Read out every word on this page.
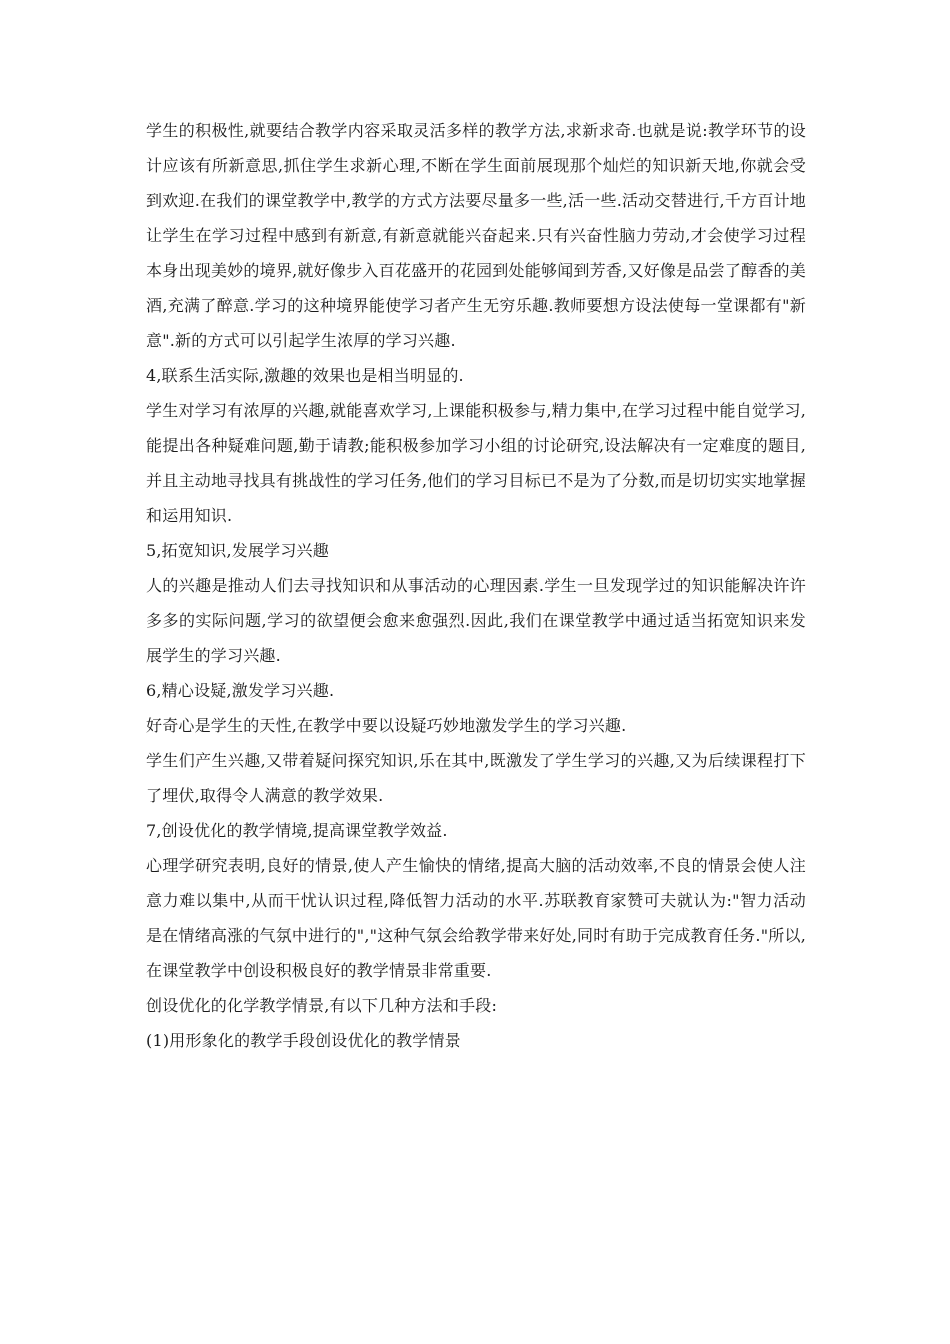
学生的积极性,就要结合教学内容采取灵活多样的教学方法,求新求奇.也就是说:教学环节的设计应该有所新意思,抓住学生求新心理,不断在学生面前展现那个灿烂的知识新天地,你就会受到欢迎.在我们的课堂教学中,教学的方式方法要尽量多一些,活一些.活动交替进行,千方百计地让学生在学习过程中感到有新意,有新意就能兴奋起来.只有兴奋性脑力劳动,才会使学习过程本身出现美妙的境界,就好像步入百花盛开的花园到处能够闻到芳香,又好像是品尝了醇香的美酒,充满了醉意.学习的这种境界能使学习者产生无穷乐趣.教师要想方设法使每一堂课都有"新意".新的方式可以引起学生浓厚的学习兴趣.

4,联系生活实际,激趣的效果也是相当明显的.

学生对学习有浓厚的兴趣,就能喜欢学习,上课能积极参与,精力集中,在学习过程中能自觉学习,能提出各种疑难问题,勤于请教;能积极参加学习小组的讨论研究,设法解决有一定难度的题目,并且主动地寻找具有挑战性的学习任务,他们的学习目标已不是为了分数,而是切切实实地掌握和运用知识.

5,拓宽知识,发展学习兴趣

人的兴趣是推动人们去寻找知识和从事活动的心理因素.学生一旦发现学过的知识能解决许许多多的实际问题,学习的欲望便会愈来愈强烈.因此,我们在课堂教学中通过适当拓宽知识来发展学生的学习兴趣.

6,精心设疑,激发学习兴趣.

好奇心是学生的天性,在教学中要以设疑巧妙地激发学生的学习兴趣.

学生们产生兴趣,又带着疑问探究知识,乐在其中,既激发了学生学习的兴趣,又为后续课程打下了埋伏,取得令人满意的教学效果.

7,创设优化的教学情境,提高课堂教学效益.

心理学研究表明,良好的情景,使人产生愉快的情绪,提高大脑的活动效率,不良的情景会使人注意力难以集中,从而干忧认识过程,降低智力活动的水平.苏联教育家赞可夫就认为:"智力活动是在情绪高涨的气氛中进行的","这种气氛会给教学带来好处,同时有助于完成教育任务."所以,在课堂教学中创设积极良好的教学情景非常重要.

创设优化的化学教学情景,有以下几种方法和手段:

(1)用形象化的教学手段创设优化的教学情景
